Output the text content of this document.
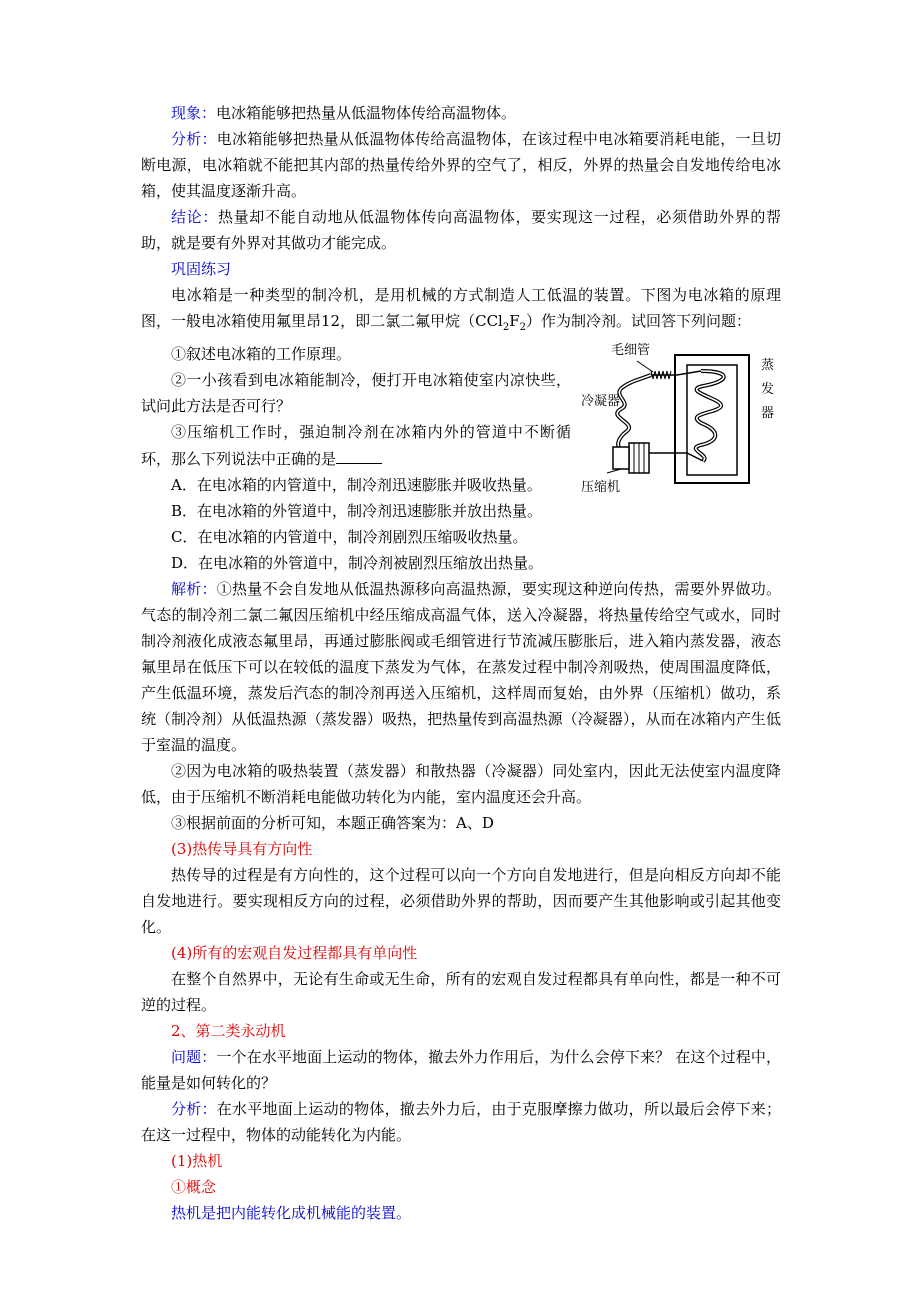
现象：电冰箱能够把热量从低温物体传给高温物体。

分析：电冰箱能够把热量从低温物体传给高温物体，在该过程中电冰箱要消耗电能，一旦切断电源，电冰箱就不能把其内部的热量传给外界的空气了，相反，外界的热量会自发地传给电冰箱，使其温度逐渐升高。

结论：热量却不能自动地从低温物体传向高温物体，要实现这一过程，必须借助外界的帮助，就是要有外界对其做功才能完成。

巩固练习

电冰箱是一种类型的制冷机，是用机械的方式制造人工低温的装置。下图为电冰箱的原理图，一般电冰箱使用氟里昂12，即二氯二氟甲烷$(CCl_2F_2)$作为制冷剂。试回答下列问题：

①叙述电冰箱的工作原理。

②一小孩看到电冰箱能制冷，便打开电冰箱使室内凉快些，试问此方法是否可行？

③压缩机工作时，强迫制冷剂在冰箱内外的管道中不断循环，那么下列说法中正确的是

A．在电冰箱的内管道中，制冷剂迅速膨胀并吸收热量。

B．在电冰箱的外管道中，制冷剂迅速膨胀并放出热量。

C．在电冰箱的内管道中，制冷剂剧烈压缩吸收热量。

毛细管
冷凝器
压缩机
蒸
发
器

D．在电冰箱的外管道中，制冷剂被剧烈压缩放出热量。

解析：①热量不会自发地从低温热源移向高温热源，要实现这种逆向传热，需要外界做功。气态的制冷剂二氯二氟因压缩机中经压缩成高温气体，送入冷凝器，将热量传给空气或水，同时制冷剂液化成液态氟里昂，再通过膨胀阀或毛细管进行节流减压膨胀后，进入箱内蒸发器，液态氟里昂在低压下可以在较低的温度下蒸发为气体，在蒸发过程中制冷剂吸热，使周围温度降低，产生低温环境，蒸发后汽态的制冷剂再送入压缩机，这样周而复始，由外界（压缩机）做功，系统（制冷剂）从低温热源（蒸发器）吸热，把热量传到高温热源（冷凝器），从而在冰箱内产生低于室温的温度。

②因为电冰箱的吸热装置（蒸发器）和散热器（冷凝器）同处室内，因此无法使室内温度降低，由于压缩机不断消耗电能做功转化为内能，室内温度还会升高。

③根据前面的分析可知，本题正确答案为：A、D

(3)热传导具有方向性

热传导的过程是有方向性的，这个过程可以向一个方向自发地进行，但是向相反方向却不能自发地进行。要实现相反方向的过程，必须借助外界的帮助，因而要产生其他影响或引起其他变化。

(4)所有的宏观自发过程都具有单向性

在整个自然界中，无论有生命或无生命，所有的宏观自发过程都具有单向性，都是一种不可逆的过程。

2、第二类永动机

问题：一个在水平地面上运动的物体，撤去外力作用后，为什么会停下来？ 在这个过程中，能量是如何转化的？

分析：在水平地面上运动的物体，撤去外力后，由于克服摩擦力做功，所以最后会停下来；在这一过程中，物体的动能转化为内能。

(1)热机

①概念

热机是把内能转化成机械能的装置。
